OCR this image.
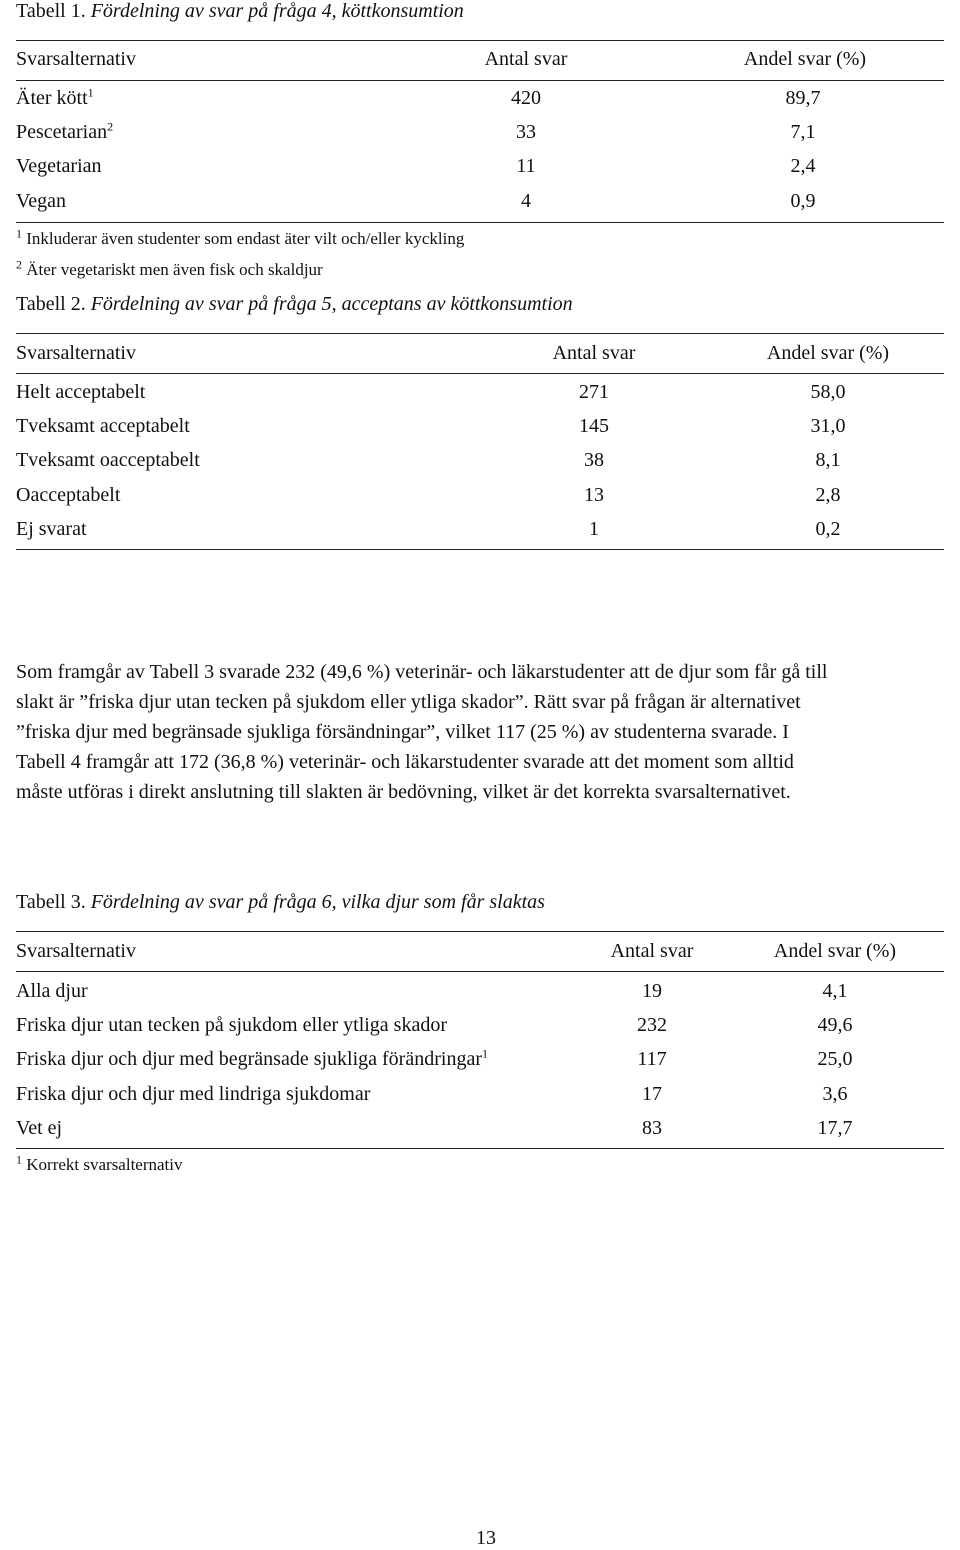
Tabell 1. Fördelning av svar på fråga 4, köttkonsumtion
Svarsalternativ	Antal svar	Andel svar (%)
Äter kött$^1$	420	89,7
Pescetarian$^2$	33	7,1
Vegetarian	11	2,4
Vegan	4	0,9
$^1$ Inkluderar även studenter som endast äter vilt och/eller kyckling
$^2$ Äter vegetariskt men även fisk och skaldjur
Tabell 2. Fördelning av svar på fråga 5, acceptans av köttkonsumtion
Svarsalternativ	Antal svar	Andel svar (%)
Helt acceptabelt	271	58,0
Tveksamt acceptabelt	145	31,0
Tveksamt oacceptabelt	38	8,1
Oacceptabelt	13	2,8
Ej svarat	1	0,2
Som framgår av Tabell 3 svarade 232 (49,6 %) veterinär- och läkarstudenter att de djur som får gå till
slakt är ”friska djur utan tecken på sjukdom eller ytliga skador”. Rätt svar på frågan är alternativet
”friska djur med begränsade sjukliga försändningar”, vilket 117 (25 %) av studenterna svarade. I
Tabell 4 framgår att 172 (36,8 %) veterinär- och läkarstudenter svarade att det moment som alltid
måste utföras i direkt anslutning till slakten är bedövning, vilket är det korrekta svarsalternativet.
Tabell 3. Fördelning av svar på fråga 6, vilka djur som får slaktas
Svarsalternativ	Antal svar	Andel svar (%)
Alla djur	19	4,1
Friska djur utan tecken på sjukdom eller ytliga skador	232	49,6
Friska djur och djur med begränsade sjukliga förändringar$^1$	117	25,0
Friska djur och djur med lindriga sjukdomar	17	3,6
Vet ej	83	17,7
$^1$ Korrekt svarsalternativ
13
